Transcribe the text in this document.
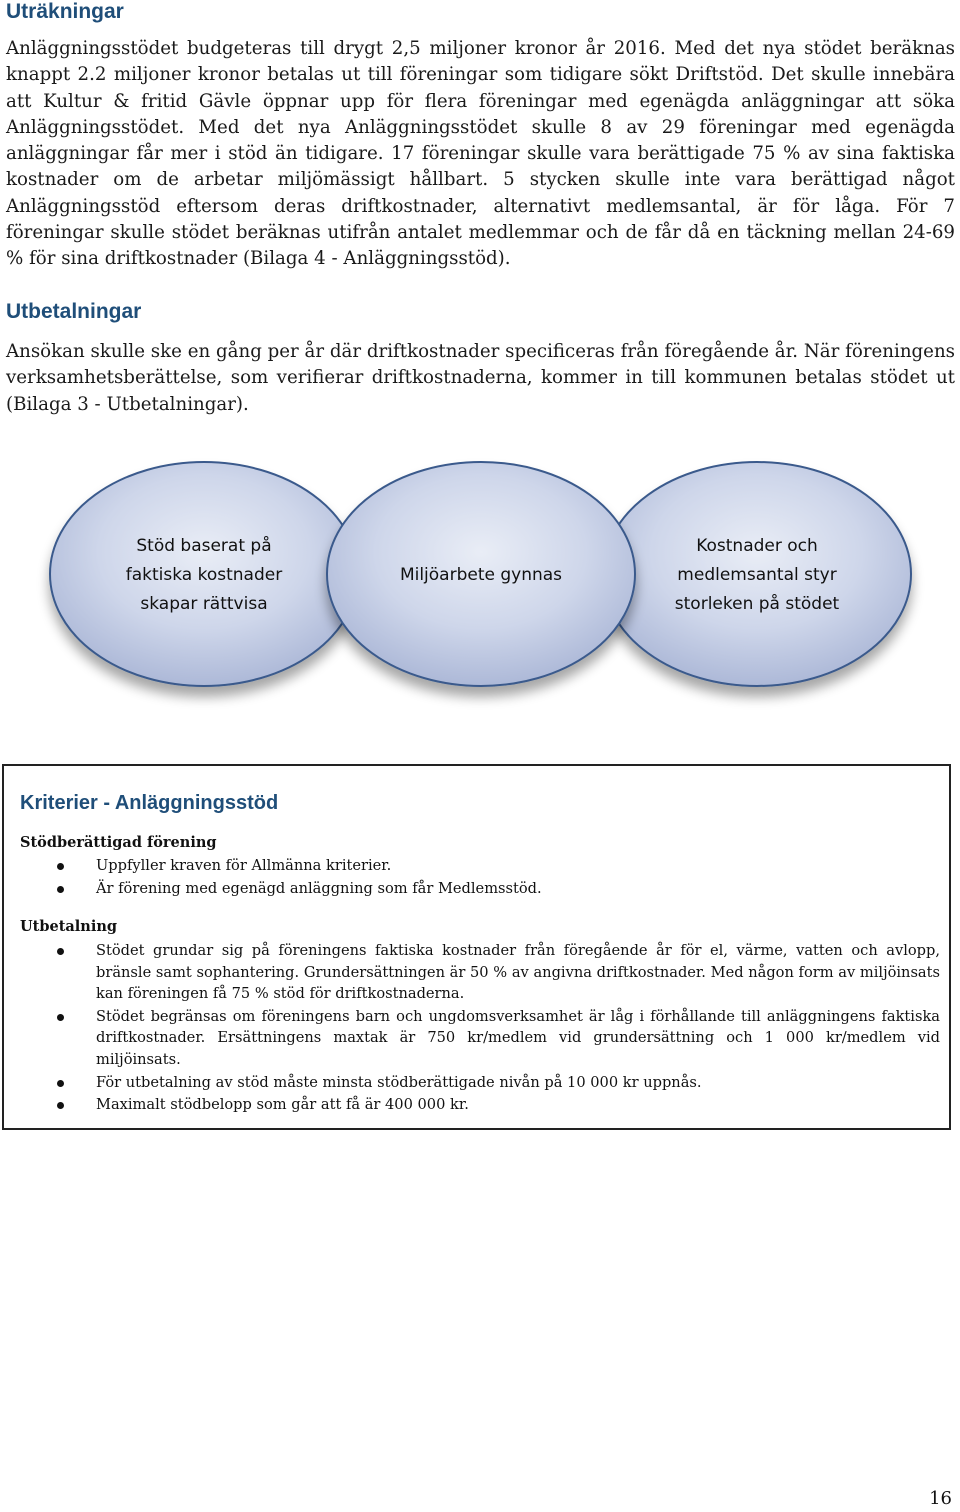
Uträkningar

Anläggningsstödet budgeteras till drygt 2,5 miljoner kronor år 2016. Med det nya stödet beräknas knappt 2.2 miljoner kronor betalas ut till föreningar som tidigare sökt Driftstöd. Det skulle innebära att Kultur & fritid Gävle öppnar upp för flera föreningar med egenägda anläggningar att söka Anläggningsstödet. Med det nya Anläggningsstödet skulle 8 av 29 föreningar med egenägda anläggningar får mer i stöd än tidigare. 17 föreningar skulle vara berättigade 75 % av sina faktiska kostnader om de arbetar miljömässigt hållbart. 5 stycken skulle inte vara berättigad något Anläggningsstöd eftersom deras driftkostnader, alternativt medlemsantal, är för låga. För 7 föreningar skulle stödet beräknas utifrån antalet medlemmar och de får då en täckning mellan 24-69 % för sina driftkostnader (Bilaga 4 - Anläggningsstöd).

Utbetalningar

Ansökan skulle ske en gång per år där driftkostnader specificeras från föregående år. När föreningens verksamhetsberättelse, som verifierar driftkostnaderna, kommer in till kommunen betalas stödet ut (Bilaga 3 - Utbetalningar).

Stöd baserat på faktiska kostnader skapar rättvisa
Kostnader och medlemsantal styr storleken på stödet
Miljöarbete gynnas
Kriterier - Anläggningsstöd
Stödberättigad förening
Uppfyller kraven för Allmänna kriterier.
Är förening med egenägd anläggning som får Medlemsstöd.
Utbetalning
Stödet grundar sig på föreningens faktiska kostnader från föregående år för el, värme, vatten och avlopp, bränsle samt sophantering. Grundersättningen är 50 % av angivna driftkostnader. Med någon form av miljöinsats kan föreningen få 75 % stöd för driftkostnaderna.
Stödet begränsas om föreningens barn och ungdomsverksamhet är låg i förhållande till anläggningens faktiska driftkostnader. Ersättningens maxtak är 750 kr/medlem vid grundersättning och 1 000 kr/medlem vid miljöinsats.
För utbetalning av stöd måste minsta stödberättigade nivån på 10 000 kr uppnås.
Maximalt stödbelopp som går att få är 400 000 kr.
16
